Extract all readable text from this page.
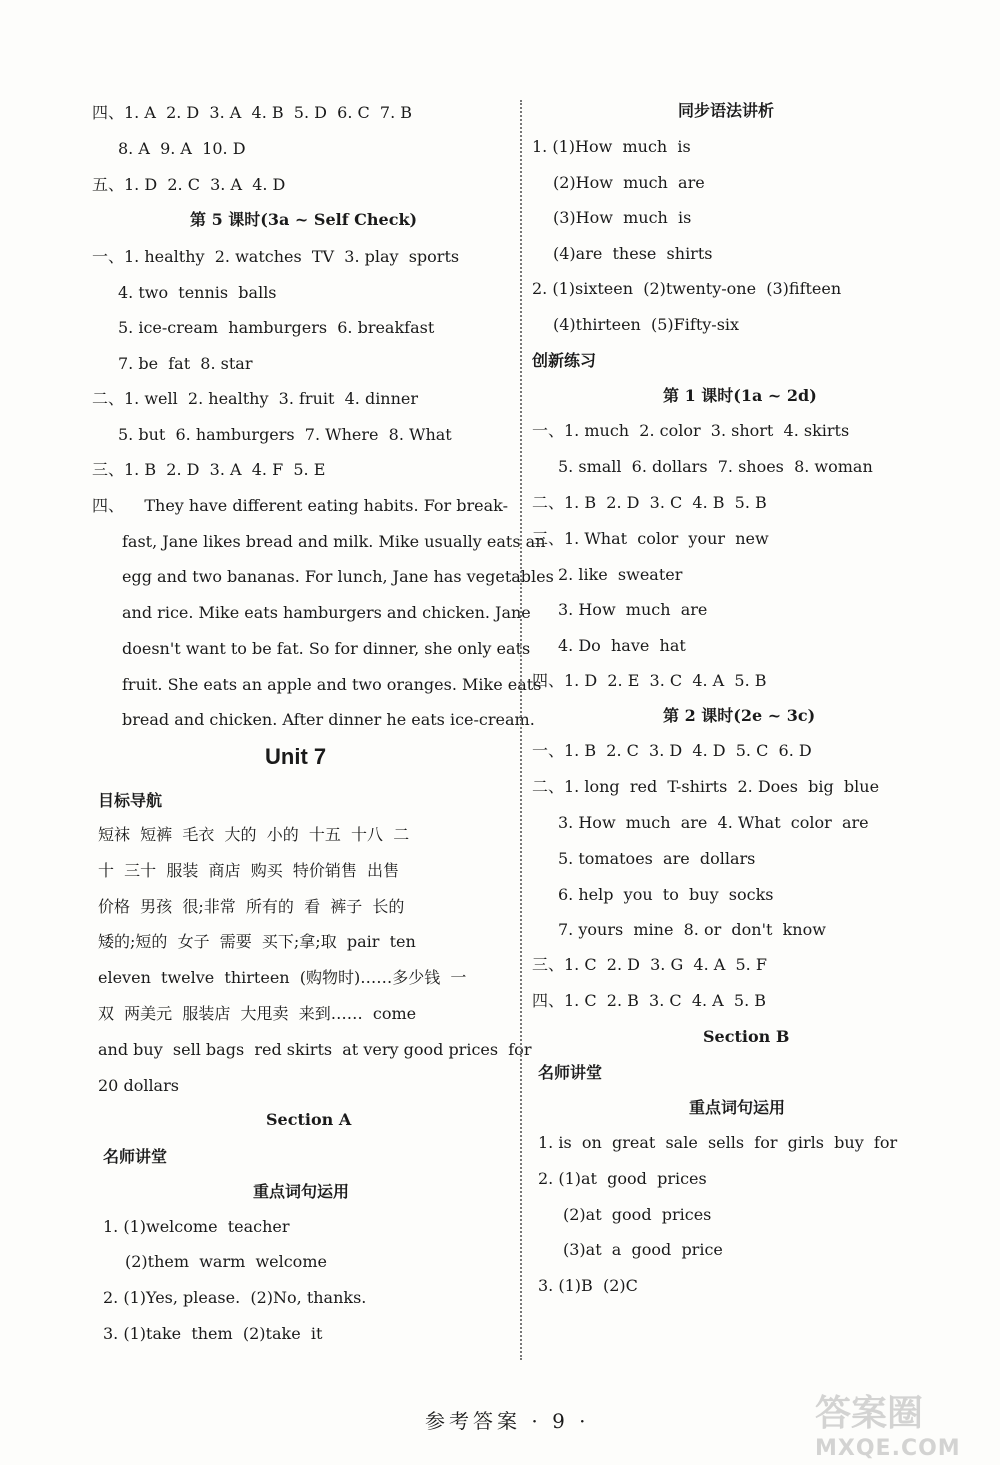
四、1. A  2. D  3. A  4. B  5. D  6. C  7. B
8. A  9. A  10. D
五、1. D  2. C  3. A  4. D
第 5 课时(3a ~ Self Check)
一、1. healthy  2. watches  TV  3. play  sports
4. two  tennis  balls
5. ice-cream  hamburgers  6. breakfast
7. be  fat  8. star
二、1. well  2. healthy  3. fruit  4. dinner
5. but  6. hamburgers  7. Where  8. What
三、1. B  2. D  3. A  4. F  5. E
四、    They have different eating habits. For break-
fast, Jane likes bread and milk. Mike usually eats an
egg and two bananas. For lunch, Jane has vegetables
and rice. Mike eats hamburgers and chicken. Jane
doesn't want to be fat. So for dinner, she only eats
fruit. She eats an apple and two oranges. Mike eats
bread and chicken. After dinner he eats ice-cream.
目标导航
短袜  短裤  毛衣  大的  小的  十五  十八  二
十  三十  服装  商店  购买  特价销售  出售
价格  男孩  很;非常  所有的  看  裤子  长的
矮的;短的  女子  需要  买下;拿;取  pair  ten
eleven  twelve  thirteen  (购物时)……多少钱  一
双  两美元  服装店  大甩卖  来到……  come
and buy  sell bags  red skirts  at very good prices  for
20 dollars
Section A
名师讲堂
重点词句运用
1. (1)welcome  teacher
(2)them  warm  welcome
2. (1)Yes, please.  (2)No, thanks.
3. (1)take  them  (2)take  it
同步语法讲析
1. (1)How  much  is
(2)How  much  are
(3)How  much  is
(4)are  these  shirts
2. (1)sixteen  (2)twenty-one  (3)fifteen
(4)thirteen  (5)Fifty-six
创新练习
第 1 课时(1a ~ 2d)
一、1. much  2. color  3. short  4. skirts
5. small  6. dollars  7. shoes  8. woman
二、1. B  2. D  3. C  4. B  5. B
三、1. What  color  your  new
2. like  sweater
3. How  much  are
4. Do  have  hat
四、1. D  2. E  3. C  4. A  5. B
第 2 课时(2e ~ 3c)
一、1. B  2. C  3. D  4. D  5. C  6. D
二、1. long  red  T-shirts  2. Does  big  blue
3. How  much  are  4. What  color  are
5. tomatoes  are  dollars
6. help  you  to  buy  socks
7. yours  mine  8. or  don't  know
三、1. C  2. D  3. G  4. A  5. F
四、1. C  2. B  3. C  4. A  5. B
Section B
名师讲堂
重点词句运用
1. is  on  great  sale  sells  for  girls  buy  for
2. (1)at  good  prices
(2)at  good  prices
(3)at  a  good  price
3. (1)B  (2)C
Unit 7
参考答案 · 9 ·	答案圈
MXQE.COM
